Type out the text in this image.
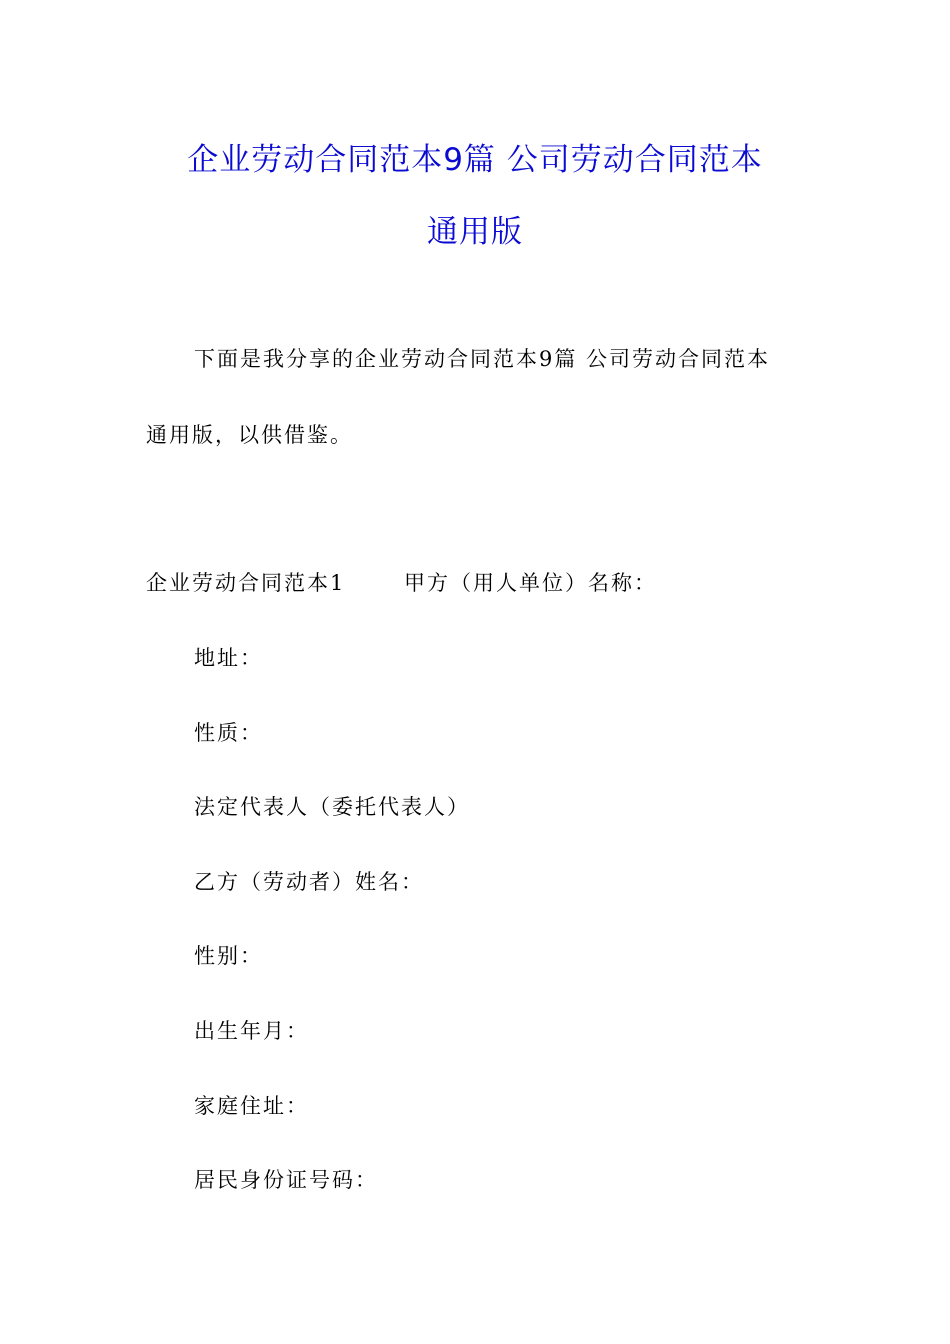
企业劳动合同范本9篇 公司劳动合同范本
通用版
下面是我分享的企业劳动合同范本9篇 公司劳动合同范本
通用版，以供借鉴。
企业劳动合同范本1	甲方（用人单位）名称：
地址：
性质：
法定代表人（委托代表人）
乙方（劳动者）姓名：
性别：
出生年月：
家庭住址：
居民身份证号码：
